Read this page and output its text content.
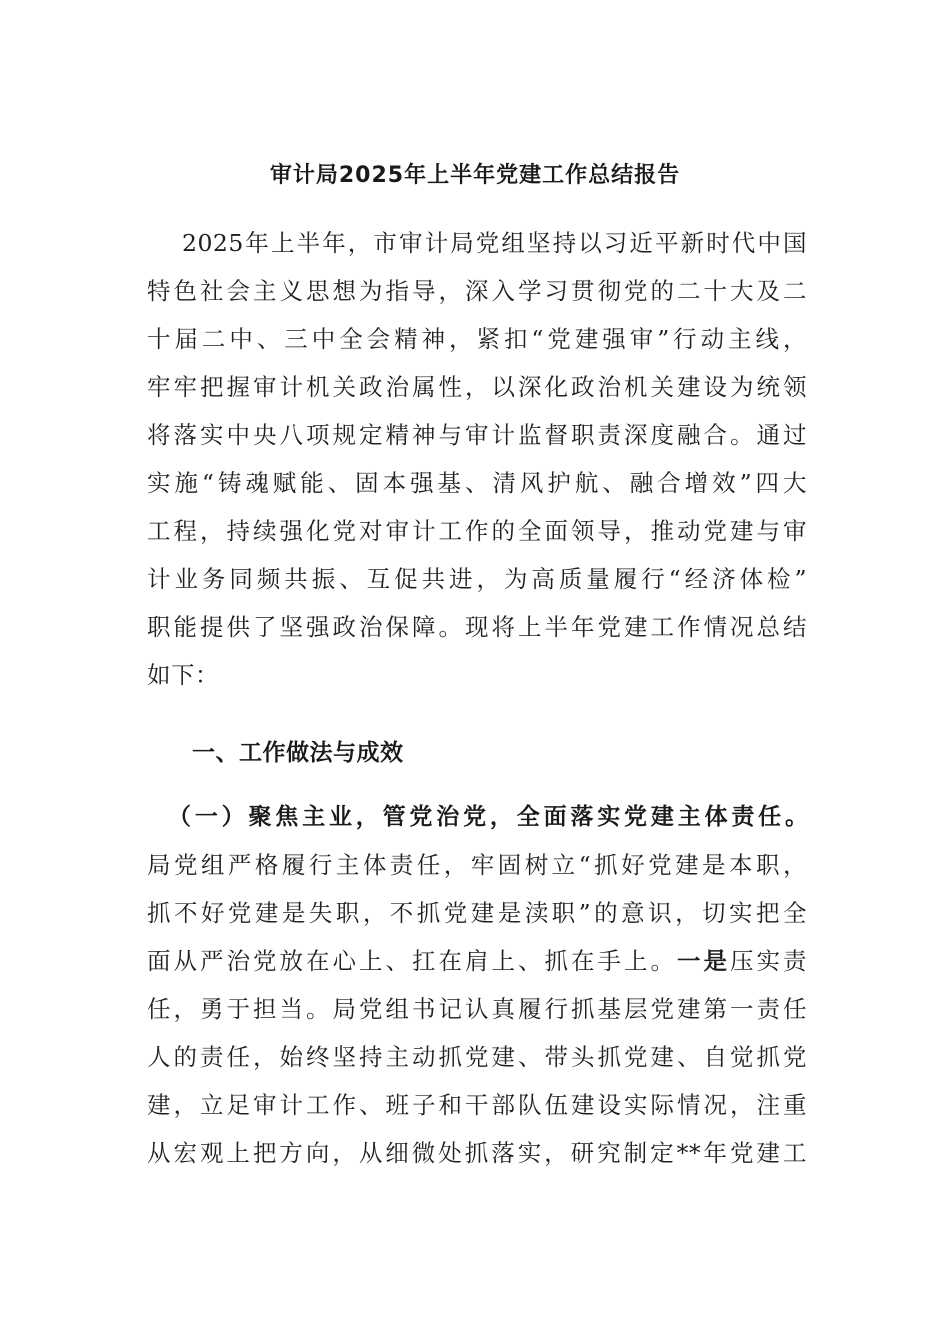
审计局2025年上半年党建工作总结报告
2025年上半年，市审计局党组坚持以习近平新时代中国
特色社会主义思想为指导，深入学习贯彻党的二十大及二
十届二中、三中全会精神，紧扣“党建强审”行动主线，
牢牢把握审计机关政治属性，以深化政治机关建设为统领
将落实中央八项规定精神与审计监督职责深度融合。通过
实施“铸魂赋能、固本强基、清风护航、融合增效”四大
工程，持续强化党对审计工作的全面领导，推动党建与审
计业务同频共振、互促共进，为高质量履行“经济体检”
职能提供了坚强政治保障。现将上半年党建工作情况总结
如下：
一、工作做法与成效
（一）聚焦主业，管党治党，全面落实党建主体责任。
局党组严格履行主体责任，牢固树立“抓好党建是本职，
抓不好党建是失职，不抓党建是渎职”的意识，切实把全
面从严治党放在心上、扛在肩上、抓在手上。一是压实责
任，勇于担当。局党组书记认真履行抓基层党建第一责任
人的责任，始终坚持主动抓党建、带头抓党建、自觉抓党
建，立足审计工作、班子和干部队伍建设实际情况，注重
从宏观上把方向，从细微处抓落实，研究制定**年党建工
